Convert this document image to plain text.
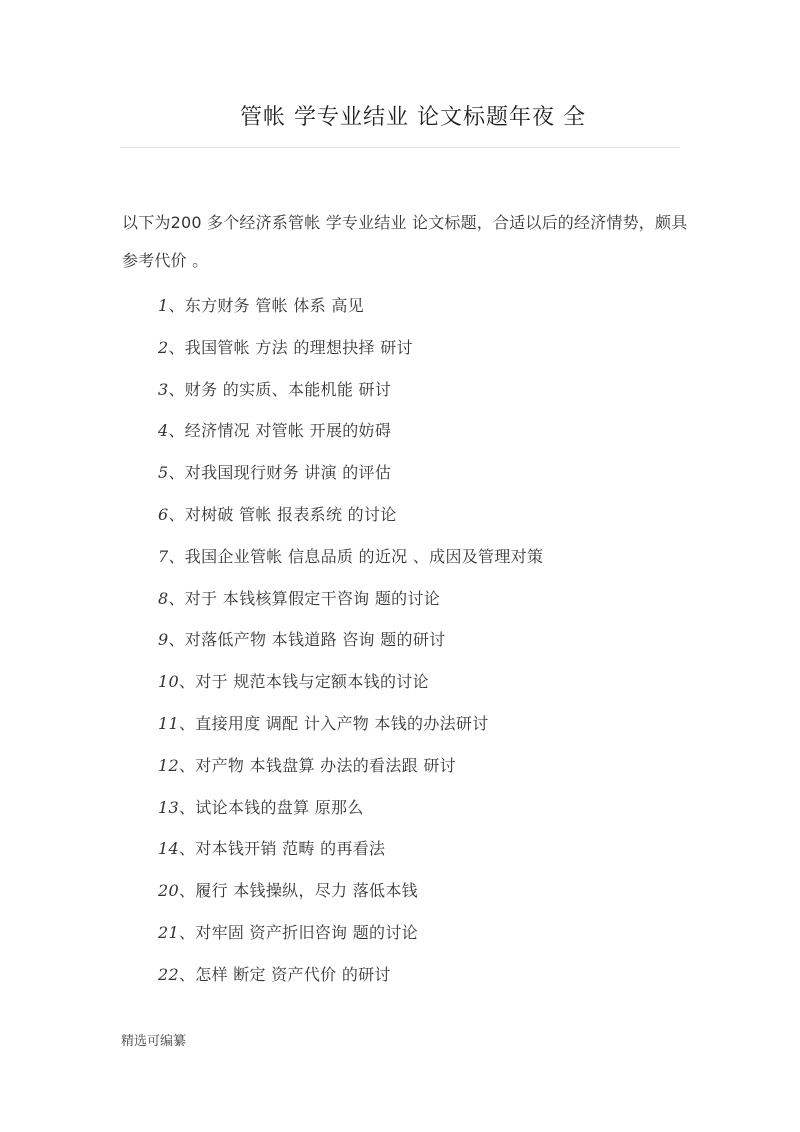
管帐 学专业结业 论文标题年夜 全
以下为200 多个经济系管帐 学专业结业 论文标题，合适以后的经济情势，颇具参考代价 。
1、东方财务 管帐 体系 高见
2、我国管帐 方法 的理想抉择 研讨
3、财务 的实质、本能机能 研讨
4、经济情况 对管帐 开展的妨碍
5、对我国现行财务 讲演 的评估
6、对树破 管帐 报表系统 的讨论
7、我国企业管帐 信息品质 的近况 、成因及管理对策
8、对于 本钱核算假定干咨询 题的讨论
9、对落低产物 本钱道路 咨询 题的研讨
10、对于 规范本钱与定额本钱的讨论
11、直接用度 调配 计入产物 本钱的办法研讨
12、对产物 本钱盘算 办法的看法跟 研讨
13、试论本钱的盘算 原那么
14、对本钱开销 范畴 的再看法
20、履行 本钱操纵，尽力 落低本钱
21、对牢固 资产折旧咨询 题的讨论
22、怎样 断定 资产代价 的研讨
精选可编纂
